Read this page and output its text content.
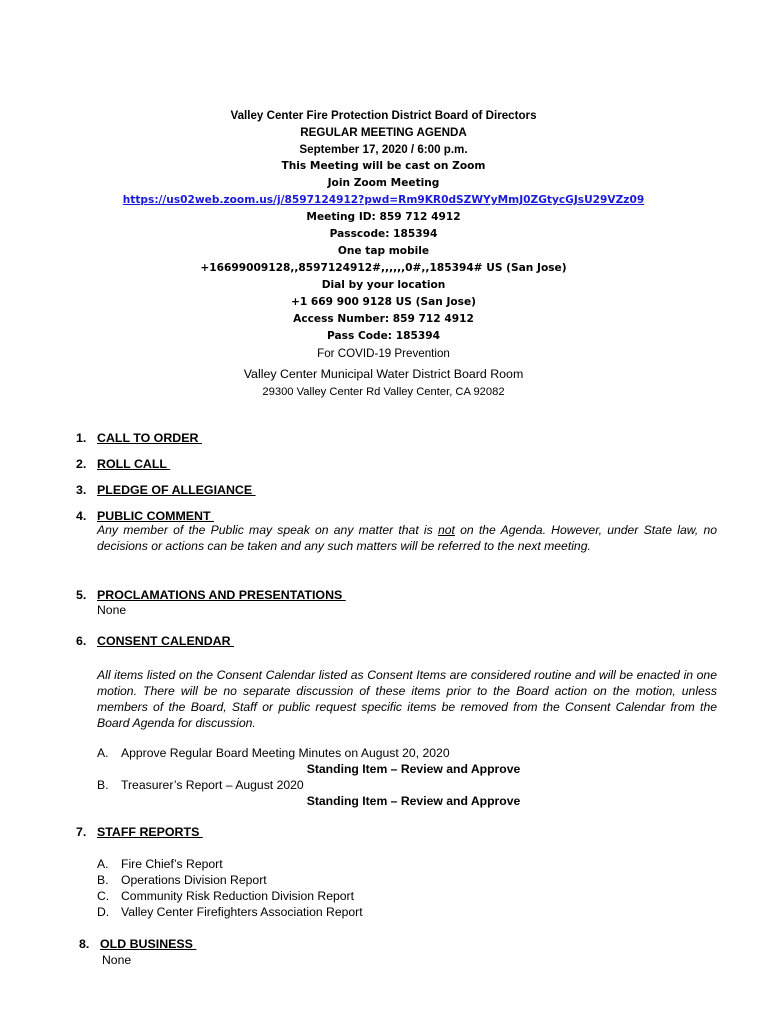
Valley Center Fire Protection District Board of Directors
REGULAR MEETING AGENDA
September 17, 2020 / 6:00 p.m.
This Meeting will be cast on Zoom
Join Zoom Meeting
https://us02web.zoom.us/j/8597124912?pwd=Rm9KR0dSZWYyMmJ0ZGtycGJsU29VZz09
Meeting ID: 859 712 4912
Passcode: 185394
One tap mobile
+16699009128,,8597124912#,,,,,,0#,,185394# US (San Jose)
Dial by your location
+1 669 900 9128 US (San Jose)
Access Number: 859 712 4912
Pass Code: 185394
For COVID-19 Prevention
Valley Center Municipal Water District Board Room
29300 Valley Center Rd Valley Center, CA 92082
1. CALL TO ORDER
2. ROLL CALL
3. PLEDGE OF ALLEGIANCE
4. PUBLIC COMMENT
Any member of the Public may speak on any matter that is not on the Agenda. However, under State law, no decisions or actions can be taken and any such matters will be referred to the next meeting.
5. PROCLAMATIONS AND PRESENTATIONS
None
6. CONSENT CALENDAR
All items listed on the Consent Calendar listed as Consent Items are considered routine and will be enacted in one motion. There will be no separate discussion of these items prior to the Board action on the motion, unless members of the Board, Staff or public request specific items be removed from the Consent Calendar from the Board Agenda for discussion.
A. Approve Regular Board Meeting Minutes on August 20, 2020
Standing Item – Review and Approve
B. Treasurer’s Report – August 2020
Standing Item – Review and Approve
7. STAFF REPORTS
A. Fire Chief’s Report
B. Operations Division Report
C. Community Risk Reduction Division Report
D. Valley Center Firefighters Association Report
8. OLD BUSINESS
None
